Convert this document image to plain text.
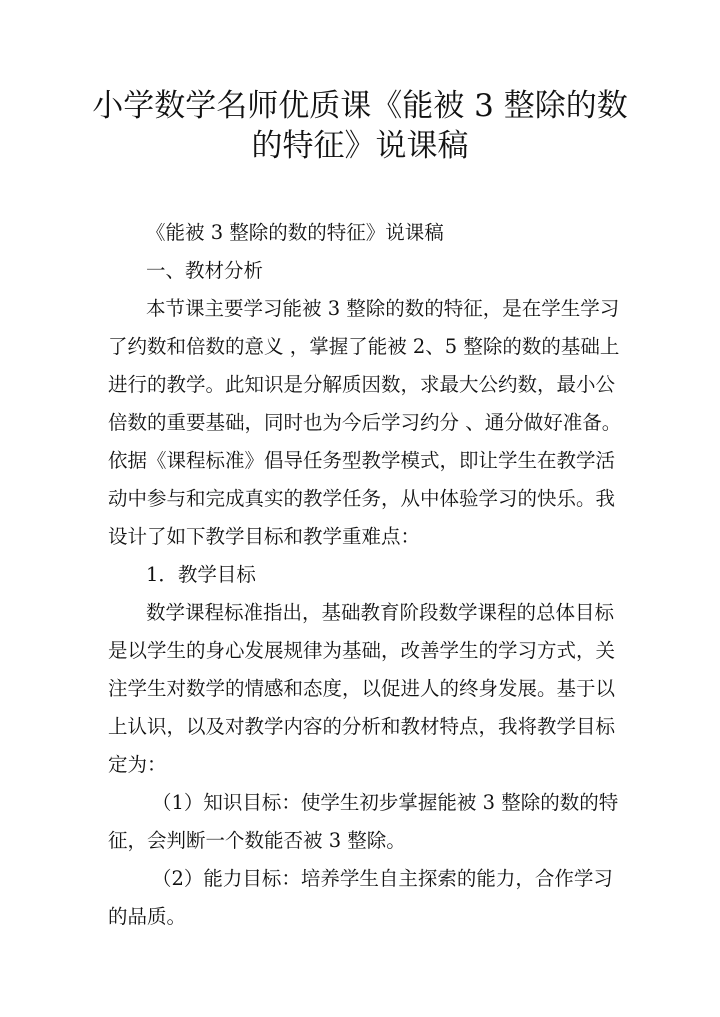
小学数学名师优质课《能被 3 整除的数
的特征》说课稿

《能被 3 整除的数的特征》说课稿

一、教材分析

本节课主要学习能被 3 整除的数的特征，是在学生学习

了约数和倍数的意义 ，掌握了能被 2、5 整除的数的基础上

进行的教学。此知识是分解质因数，求最大公约数，最小公

倍数的重要基础，同时也为今后学习约分 、通分做好准备。

依据《课程标准》倡导任务型教学模式，即让学生在教学活

动中参与和完成真实的教学任务，从中体验学习的快乐。我

设计了如下教学目标和教学重难点：

1．教学目标

数学课程标准指出，基础教育阶段数学课程的总体目标

是以学生的身心发展规律为基础，改善学生的学习方式，关

注学生对数学的情感和态度，以促进人的终身发展。基于以

上认识，以及对教学内容的分析和教材特点，我将教学目标

定为：

（1）知识目标：使学生初步掌握能被 3 整除的数的特

征，会判断一个数能否被 3 整除。

（2）能力目标：培养学生自主探索的能力，合作学习

的品质。
